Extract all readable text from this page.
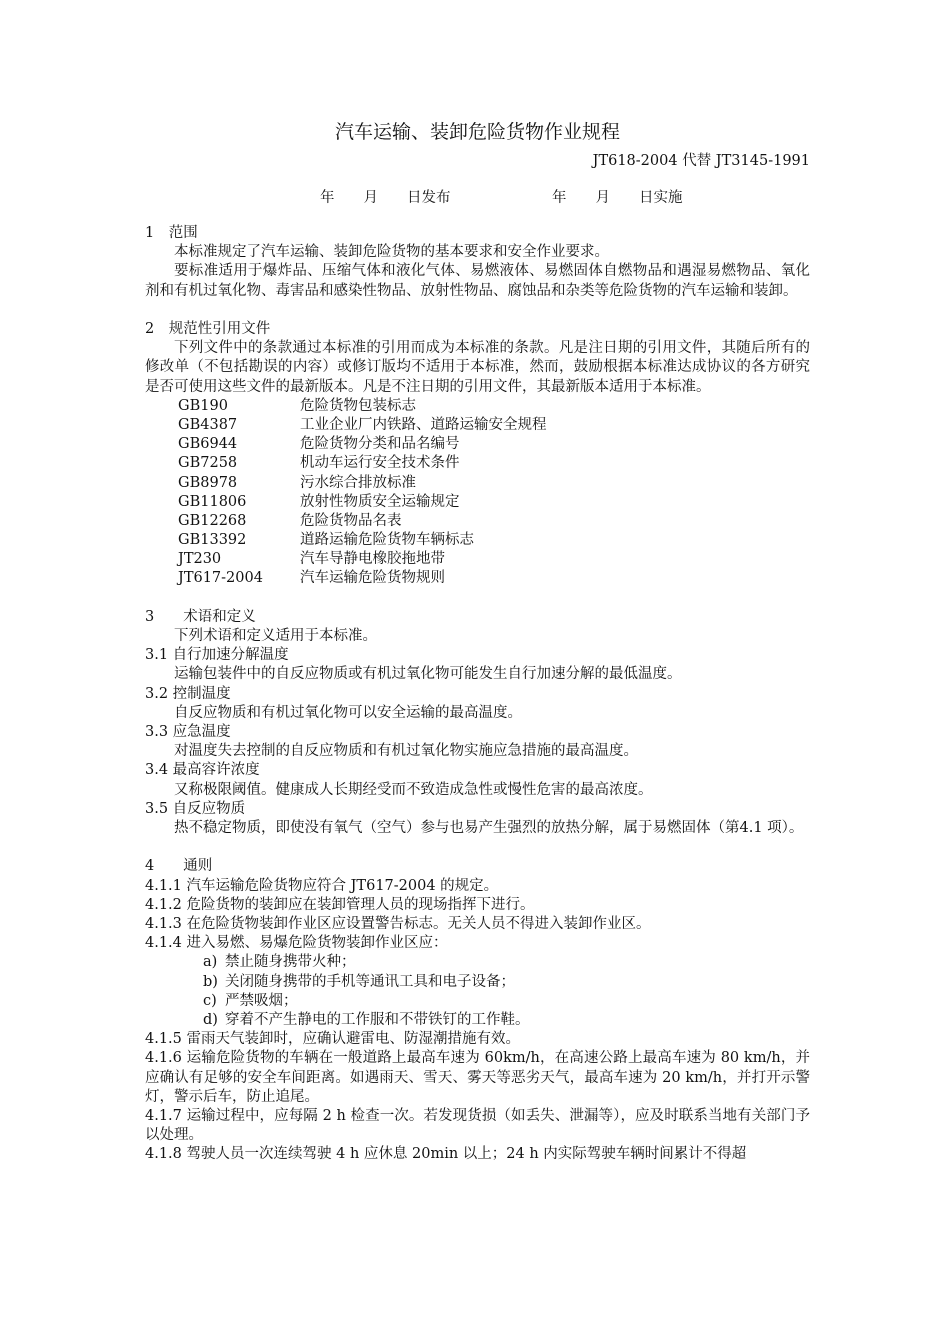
汽车运输、装卸危险货物作业规程
JT618-2004 代替 JT3145-1991
年　　月　　日发布　　　　　　　	年　　月　　日实施
1　范围
本标准规定了汽车运输、装卸危险货物的基本要求和安全作业要求。
要标准适用于爆炸品、压缩气体和液化气体、易燃液体、易燃固体自燃物品和遇湿易燃物品、氧化剂和有机过氧化物、毒害品和感染性物品、放射性物品、腐蚀品和杂类等危险货物的汽车运输和装卸。
2　规范性引用文件
下列文件中的条款通过本标准的引用而成为本标准的条款。凡是注日期的引用文件，其随后所有的修改单（不包括勘误的内容）或修订版均不适用于本标准，然而，鼓励根据本标准达成协议的各方研究是否可使用这些文件的最新版本。凡是不注日期的引用文件，其最新版本适用于本标准。
GB190	危险货物包装标志
GB4387	工业企业厂内铁路、道路运输安全规程
GB6944	危险货物分类和品名编号
GB7258	机动车运行安全技术条件
GB8978	污水综合排放标准
GB11806	放射性物质安全运输规定
GB12268	危险货物品名表
GB13392	道路运输危险货物车辆标志
JT230	汽车导静电橡胶拖地带
JT617-2004	汽车运输危险货物规则
3　　术语和定义
下列术语和定义适用于本标准。
3.1 自行加速分解温度
运输包装件中的自反应物质或有机过氧化物可能发生自行加速分解的最低温度。
3.2 控制温度
自反应物质和有机过氧化物可以安全运输的最高温度。
3.3 应急温度
对温度失去控制的自反应物质和有机过氧化物实施应急措施的最高温度。
3.4 最高容许浓度
又称极限阈值。健康成人长期经受而不致造成急性或慢性危害的最高浓度。
3.5 自反应物质
热不稳定物质，即使没有氧气（空气）参与也易产生强烈的放热分解，属于易燃固体（第4.1 项）。
4　　通则
4.1.1 汽车运输危险货物应符合 JT617-2004 的规定。
4.1.2 危险货物的装卸应在装卸管理人员的现场指挥下进行。
4.1.3 在危险货物装卸作业区应设置警告标志。无关人员不得进入装卸作业区。
4.1.4 进入易燃、易爆危险货物装卸作业区应：
a) 禁止随身携带火种；
b) 关闭随身携带的手机等通讯工具和电子设备；
c) 严禁吸烟；
d) 穿着不产生静电的工作服和不带铁钉的工作鞋。
4.1.5 雷雨天气装卸时，应确认避雷电、防湿潮措施有效。
4.1.6 运输危险货物的车辆在一般道路上最高车速为 60km/h，在高速公路上最高车速为 80 km/h，并应确认有足够的安全车间距离。如遇雨天、雪天、雾天等恶劣天气，最高车速为 20 km/h，并打开示警灯，警示后车，防止追尾。
4.1.7 运输过程中，应每隔 2 h 检查一次。若发现货损（如丢失、泄漏等），应及时联系当地有关部门予以处理。
4.1.8 驾驶人员一次连续驾驶 4 h 应休息 20min 以上；24 h 内实际驾驶车辆时间累计不得超
